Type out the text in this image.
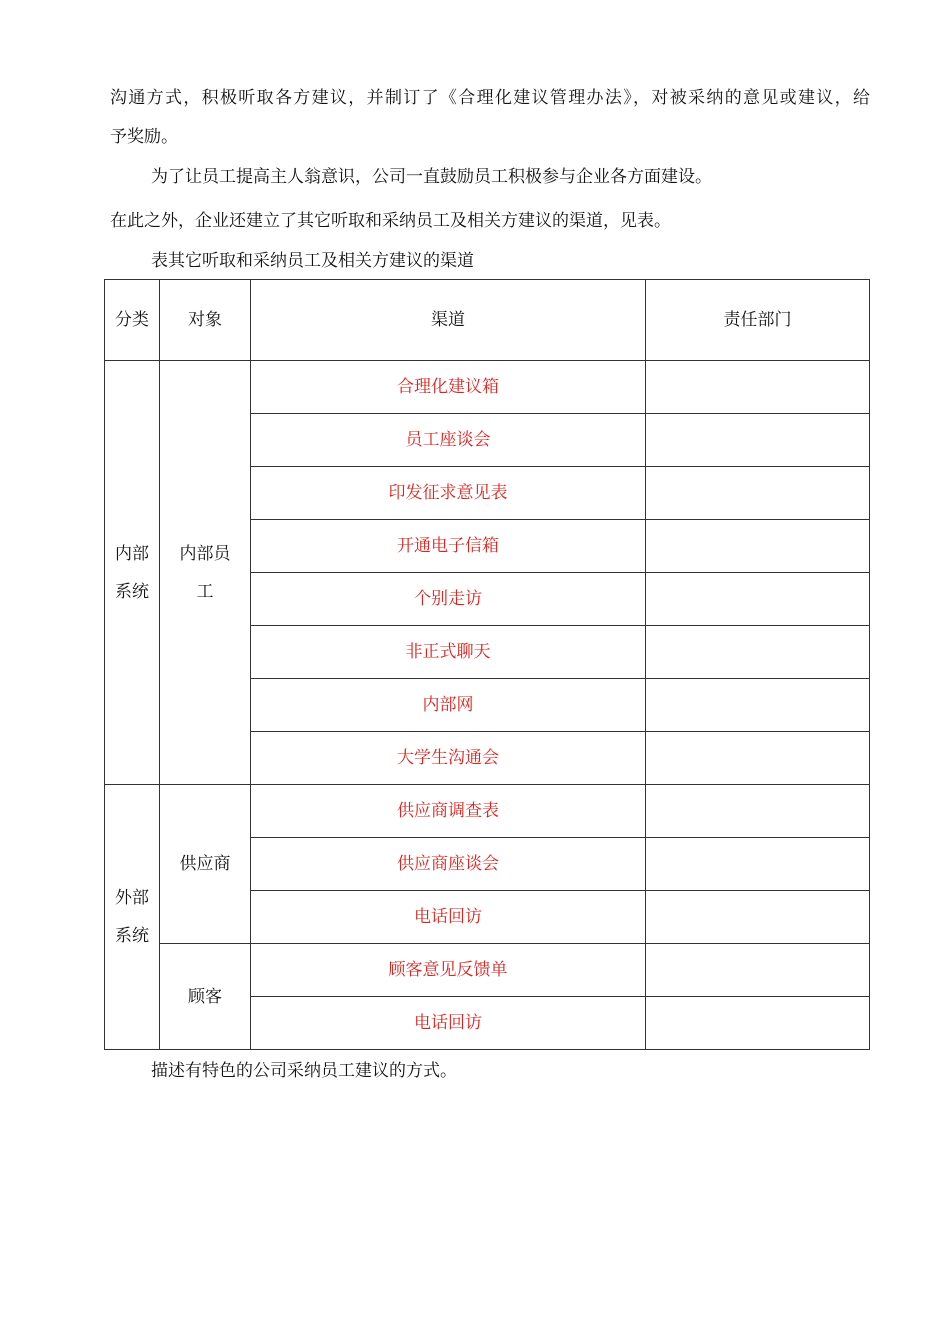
沟通方式，积极听取各方建议，并制订了《合理化建议管理办法》，对被采纳的意见或建议，给
予奖励。
为了让员工提高主人翁意识，公司一直鼓励员工积极参与企业各方面建设。
在此之外，企业还建立了其它听取和采纳员工及相关方建议的渠道，见表。
表其它听取和采纳员工及相关方建议的渠道
分类	对象	渠道	责任部门
内部系统	内部员工	合理化建议箱	
		员工座谈会	
		印发征求意见表	
		开通电子信箱	
		个别走访	
		非正式聊天	
		内部网	
		大学生沟通会	
外部系统	供应商	供应商调查表	
		供应商座谈会	
		电话回访	
	顾客	顾客意见反馈单	
		电话回访	
描述有特色的公司采纳员工建议的方式。
